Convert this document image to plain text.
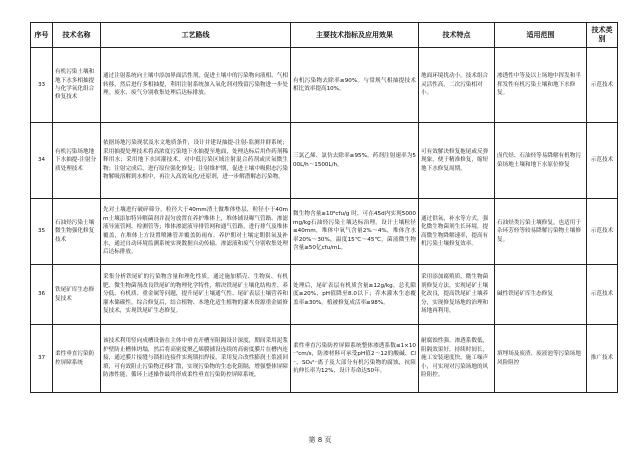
序号	技术名称	工艺路线	主要技术指标及应用效果	技术特点	适用范围	技术类别
33	有机污染土壤和地下水多相抽提与化学氧化组合修复技术	通过注射系统向土壤中添加界面活性剂，促进土壤中的污染物向液相、气相转移，然后进行多相抽提，利用注射系统加入氧化剂对残留污染物进一步处理。废水、废气分别收集处理后达标排放。	有机污染物去除率≥90%。与常规气相抽提技术相比效率提高10%。	地面环境扰动小，技术组合灵活性高，二次污染相对小。	渗透性中等及以上场地中挥发和半挥发性有机污染土壤和地下水修复。	示范技术
34	有机污染场地地下水抽提-注射分质处理技术	依据场地污染现状及水文地质条件，设计并建设抽提-注射-监测井群系统；采用抽提处理技术将高浓度污染地下水抽提至地面，处理达标后用作药剂稀释用水；采用地下水回灌技术，对中低污染区域注射混合药剂或厌氧微生物；注射完成后，进行原位强化修复；注射维护期，促进土壤中吸附态污染物解吸溶解到水相中，再注入高效氧化/还原剂，进一步解潜解态污染物。	三氯乙烯、氯仿去除率≥95%。药剂注射速率为500L/h～1500L/h。	可有效解决修复拖尾或反弹现象，便于精准修复，缩短地下水修复周期。	卤代烃、石油烃等易降解有机物污染场地土壤和地下水原位修复	示范技术
35	石油烃污染土壤微生物强化修复技术	先对土壤进行破碎筛分，粒径大于40mm渣土做堆体垫层，粒径小于40mm土壤添加特异解菌剂并混匀放置在养护堆体上，堆体铺设曝气管路、渗滤液导流管网、检测管等；堆体渗滤液导排管网和通气管路，进行排气及堆体覆盖，在堆体上方设置喷淋管并覆盖防雨布。养护期对土壤定期供氧及补水，通过自动环境监测系统实现数据自动传输。渗滤液和废气分别收集处理后达标排放。	微生物含量≥10⁸cfu/g 时，可在45d内实现5000mg/kg石油烃污染土壤达标治理。设计土壤粒径≤40mm，堆体中氧气含量2%～4%，堆体含水率20%～30%，温度15℃～45℃，菌液微生物含量≥50亿cfu/mL。	通过供氧、补水等方式，强化微生物菌剂生长环境，提高微生物降解速率，提高有机污染土壤修复效率。	石油烃类污染土壤修复，也适用于杂环芳烃等较易降解污染物土壤修复。	示范技术
36	铁尾矿库生态修复技术	采集分析铁尾矿的污染物含量和理化性质，通过施加稻壳、生物炭、有机肥、微生物菌剂改良铁尾矿的物理化学特性，解决铁尾矿土壤化结构差、养分低、有机质、重金属等问题，提升尾矿土壤通气性、尾矿表层土壤营养和灌木储碳性。综合修复后，结合植物、本地化适生植物的灌木资源重金属修复技术，实现铁尾矿生态修复。	处理后，尾矿表层有机质含量≥12g/kg，总孔隙度≥20%，pH值降至8.0以下；乔木灌木生态覆盖率≥30%，植被修复成活率≥98%。	采用添加腐殖质、微生物菌剂修复方法，实现尾矿土壤化改良，提高铁尾矿土壤养分，实现修复场地的治理和场地再利用。	碱性铁尾矿库生态修复	示范技术
37	柔性垂直污染防控屏障系统	该技术利用竖向成槽设备在主体中垂直开槽至阻隔设计深度，期间采用泥浆护壁防止槽体坍塌，然后将高密度聚乙烯膜铺设连续的高密度膜片在槽内连接，通过膜片接缝与锁扣连接件实现锁扣焊接，采用复合改性膨润土浆液回填，可有效阻止污染物迁移扩散，实现污染物的生态化阻隔，增强整体屏障防渗性能，循环上述操作最终形成柔性垂直污染防控屏障系统。	柔性垂直污染防控屏障系统整体渗透系数≤1×10⁻⁷cm/s，防渗材料可承受pH值2～12的酸碱、Cl⁻、SO₄²⁻离子及大部分有机污染物的腐蚀，抗阻抗伸长率为12%，设计寿命达50年。	耐腐蚀性强、渗透系数低，阻隔效果好，持续时间长，施工安装速度快，施工噪声小，可实现对污染场地的风险阻控。	填埋场及废渣、废液池等污染场地风险阻控	推广技术
第 8 页
